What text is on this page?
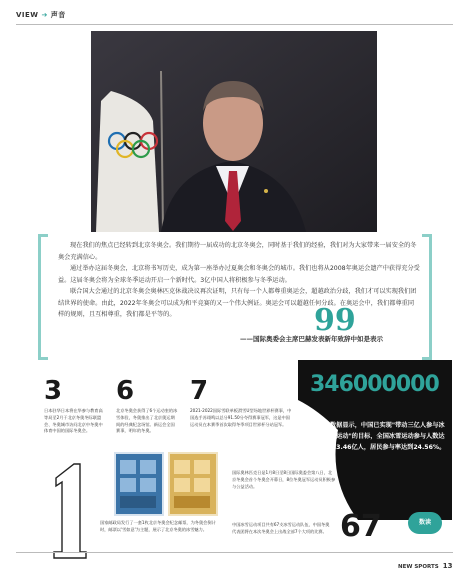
VIEW ➔ 声音

现在我们的焦点已经转到北京冬奥会。我们期待一届成功的北京冬奥会，同时基于我们的经验，我们对为大家带来一届安全的冬奥会充满信心。

通过举办这届冬奥会，北京将书写历史，成为第一座举办过夏奥会和冬奥会的城市。我们也将从2008年奥运会遗产中获得充分受益。这届冬奥会将为全球冬季运动开启一个新时代。3亿中国人将积极参与冬季运动。

联合国大会通过的北京冬奥会奥林匹克休战决议再次证明，只有每一个人都尊重奥运会，超越政治分歧，我们才可以实现我们团结世界的使命。由此，2022年冬奥会可以成为和平竞赛的又一个伟大例证。奥运会可以超越任何分歧。在奥运会中，我们都尊重同样的规则，且互相尊重，我们都是平等的。	99
——国际奥委会主席巴赫发表新年致辞中如是表示
3
日本驻华日本将在华参与教育高等局至2月于北京冬奥冬际联盟会、冬奥城市访问北京中冬奥中体育中国的国际冬奥会。
6
北京冬奥会获得了6个运动室的冰雪体验，冬奥推出了北京奥运期间的经典纪念场馆。新运会全国赛事，明年的冬奥。
7
2021-2022国际雪联单板滑雪U型场地世界杯赛事，中国选手苏翊鸣以总分91.50分夺得赛事冠军，这是中国运动员在本赛季首次取得冬季项目世界杯分站冠军。
国家邮政局发行了一套1枚北京冬奥会纪念邮票，为冬奥会倒计时，邮票以'雪如意'为主题，展示了北京冬奥的冰雪魅力。
国际奥林匹克日是1月8日至8日国际奥委会第八日，北京冬奥会首个冬奥会开幕日，8位冬奥冠军运动员积极参与公益活动。
346000000
数据显示，中国已实现"带动三亿人参与冰雪运动"的目标，全国冰雪运动参与人数达到3.46亿人，居民参与率达到24.56%。
中国冰雪运动项目共有67支冰雪运动队伍，中国冬奥代表团将在本次冬奥会上出战全部7个大项的比赛。 67	数读
NEW SPORTS 13
